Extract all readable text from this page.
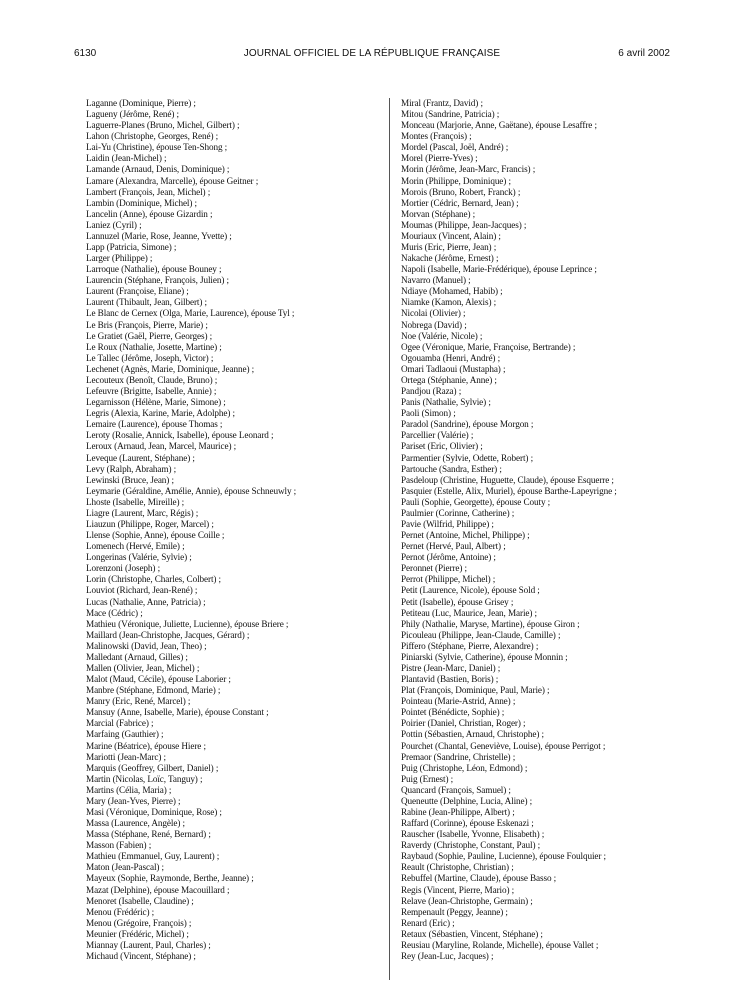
6130	JOURNAL OFFICIEL DE LA RÉPUBLIQUE FRANÇAISE	6 avril 2002
Laganne (Dominique, Pierre) ;
Lagueny (Jérôme, René) ;
Laguerre-Planes (Bruno, Michel, Gilbert) ;
Lahon (Christophe, Georges, René) ;
Lai-Yu (Christine), épouse Ten-Shong ;
Laidin (Jean-Michel) ;
Lamande (Arnaud, Denis, Dominique) ;
Lamare (Alexandra, Marcelle), épouse Geitner ;
Lambert (François, Jean, Michel) ;
Lambin (Dominique, Michel) ;
Lancelin (Anne), épouse Gizardin ;
Laniez (Cyril) ;
Lannuzel (Marie, Rose, Jeanne, Yvette) ;
Lapp (Patricia, Simone) ;
Larger (Philippe) ;
Larroque (Nathalie), épouse Bouney ;
Laurencin (Stéphane, François, Julien) ;
Laurent (Françoise, Eliane) ;
Laurent (Thibault, Jean, Gilbert) ;
Le Blanc de Cernex (Olga, Marie, Laurence), épouse Tyl ;
Le Bris (François, Pierre, Marie) ;
Le Gratiet (Gaël, Pierre, Georges) ;
Le Roux (Nathalie, Josette, Martine) ;
Le Tallec (Jérôme, Joseph, Victor) ;
Lechenet (Agnès, Marie, Dominique, Jeanne) ;
Lecouteux (Benoît, Claude, Bruno) ;
Lefeuvre (Brigitte, Isabelle, Annie) ;
Legarnisson (Hélène, Marie, Simone) ;
Legris (Alexia, Karine, Marie, Adolphe) ;
Lemaire (Laurence), épouse Thomas ;
Leroty (Rosalie, Annick, Isabelle), épouse Leonard ;
Leroux (Arnaud, Jean, Marcel, Maurice) ;
Leveque (Laurent, Stéphane) ;
Levy (Ralph, Abraham) ;
Lewinski (Bruce, Jean) ;
Leymarie (Géraldine, Amélie, Annie), épouse Schneuwly ;
Lhoste (Isabelle, Mireille) ;
Liagre (Laurent, Marc, Régis) ;
Liauzun (Philippe, Roger, Marcel) ;
Llense (Sophie, Anne), épouse Coille ;
Lomenech (Hervé, Emile) ;
Longerinas (Valérie, Sylvie) ;
Lorenzoni (Joseph) ;
Lorin (Christophe, Charles, Colbert) ;
Louviot (Richard, Jean-René) ;
Lucas (Nathalie, Anne, Patricia) ;
Mace (Cédric) ;
Mathieu (Véronique, Juliette, Lucienne), épouse Briere ;
Maillard (Jean-Christophe, Jacques, Gérard) ;
Malinowski (David, Jean, Theo) ;
Malledant (Arnaud, Gilles) ;
Mallen (Olivier, Jean, Michel) ;
Malot (Maud, Cécile), épouse Laborier ;
Manbre (Stéphane, Edmond, Marie) ;
Manry (Eric, René, Marcel) ;
Mansuy (Anne, Isabelle, Marie), épouse Constant ;
Marcial (Fabrice) ;
Marfaing (Gauthier) ;
Marine (Béatrice), épouse Hiere ;
Mariotti (Jean-Marc) ;
Marquis (Geoffrey, Gilbert, Daniel) ;
Martin (Nicolas, Loïc, Tanguy) ;
Martins (Célia, Maria) ;
Mary (Jean-Yves, Pierre) ;
Masi (Véronique, Dominique, Rose) ;
Massa (Laurence, Angèle) ;
Massa (Stéphane, René, Bernard) ;
Masson (Fabien) ;
Mathieu (Emmanuel, Guy, Laurent) ;
Maton (Jean-Pascal) ;
Mayeux (Sophie, Raymonde, Berthe, Jeanne) ;
Mazat (Delphine), épouse Macouillard ;
Menoret (Isabelle, Claudine) ;
Menou (Frédéric) ;
Menou (Grégoire, François) ;
Meunier (Frédéric, Michel) ;
Miannay (Laurent, Paul, Charles) ;
Michaud (Vincent, Stéphane) ;
Miral (Frantz, David) ;
Mitou (Sandrine, Patricia) ;
Monceau (Marjorie, Anne, Gaëtane), épouse Lesaffre ;
Montes (François) ;
Mordel (Pascal, Joël, André) ;
Morel (Pierre-Yves) ;
Morin (Jérôme, Jean-Marc, Francis) ;
Morin (Philippe, Dominique) ;
Morois (Bruno, Robert, Franck) ;
Mortier (Cédric, Bernard, Jean) ;
Morvan (Stéphane) ;
Moumas (Philippe, Jean-Jacques) ;
Mouriaux (Vincent, Alain) ;
Muris (Eric, Pierre, Jean) ;
Nakache (Jérôme, Ernest) ;
Napoli (Isabelle, Marie-Frédérique), épouse Leprince ;
Navarro (Manuel) ;
Ndiaye (Mohamed, Habib) ;
Niamke (Kamon, Alexis) ;
Nicolai (Olivier) ;
Nobrega (David) ;
Noe (Valérie, Nicole) ;
Ogee (Véronique, Marie, Françoise, Bertrande) ;
Ogouamba (Henri, André) ;
Omari Tadlaoui (Mustapha) ;
Ortega (Stéphanie, Anne) ;
Pandjou (Raza) ;
Panis (Nathalie, Sylvie) ;
Paoli (Simon) ;
Paradol (Sandrine), épouse Morgon ;
Parcellier (Valérie) ;
Pariset (Eric, Olivier) ;
Parmentier (Sylvie, Odette, Robert) ;
Partouche (Sandra, Esther) ;
Pasdeloup (Christine, Huguette, Claude), épouse Esquerre ;
Pasquier (Estelle, Alix, Muriel), épouse Barthe-Lapeyrigne ;
Pauli (Sophie, Georgette), épouse Couty ;
Paulmier (Corinne, Catherine) ;
Pavie (Wilfrid, Philippe) ;
Pernet (Antoine, Michel, Philippe) ;
Pernet (Hervé, Paul, Albert) ;
Pernot (Jérôme, Antoine) ;
Peronnet (Pierre) ;
Perrot (Philippe, Michel) ;
Petit (Laurence, Nicole), épouse Sold ;
Petit (Isabelle), épouse Grisey ;
Petiteau (Luc, Maurice, Jean, Marie) ;
Phily (Nathalie, Maryse, Martine), épouse Giron ;
Picouleau (Philippe, Jean-Claude, Camille) ;
Piffero (Stéphane, Pierre, Alexandre) ;
Piniarski (Sylvie, Catherine), épouse Monnin ;
Pistre (Jean-Marc, Daniel) ;
Plantavid (Bastien, Boris) ;
Plat (François, Dominique, Paul, Marie) ;
Pointeau (Marie-Astrid, Anne) ;
Pointet (Bénédicte, Sophie) ;
Poirier (Daniel, Christian, Roger) ;
Pottin (Sébastien, Arnaud, Christophe) ;
Pourchet (Chantal, Geneviève, Louise), épouse Perrigot ;
Premaor (Sandrine, Christelle) ;
Puig (Christophe, Léon, Edmond) ;
Puig (Ernest) ;
Quancard (François, Samuel) ;
Queneutte (Delphine, Lucia, Aline) ;
Rabine (Jean-Philippe, Albert) ;
Raffard (Corinne), épouse Eskenazi ;
Rauscher (Isabelle, Yvonne, Elisabeth) ;
Raverdy (Christophe, Constant, Paul) ;
Raybaud (Sophie, Pauline, Lucienne), épouse Foulquier ;
Reault (Christophe, Christian) ;
Rebuffel (Martine, Claude), épouse Basso ;
Regis (Vincent, Pierre, Mario) ;
Relave (Jean-Christophe, Germain) ;
Rempenault (Peggy, Jeanne) ;
Renard (Eric) ;
Retaux (Sébastien, Vincent, Stéphane) ;
Reusiau (Maryline, Rolande, Michelle), épouse Vallet ;
Rey (Jean-Luc, Jacques) ;
